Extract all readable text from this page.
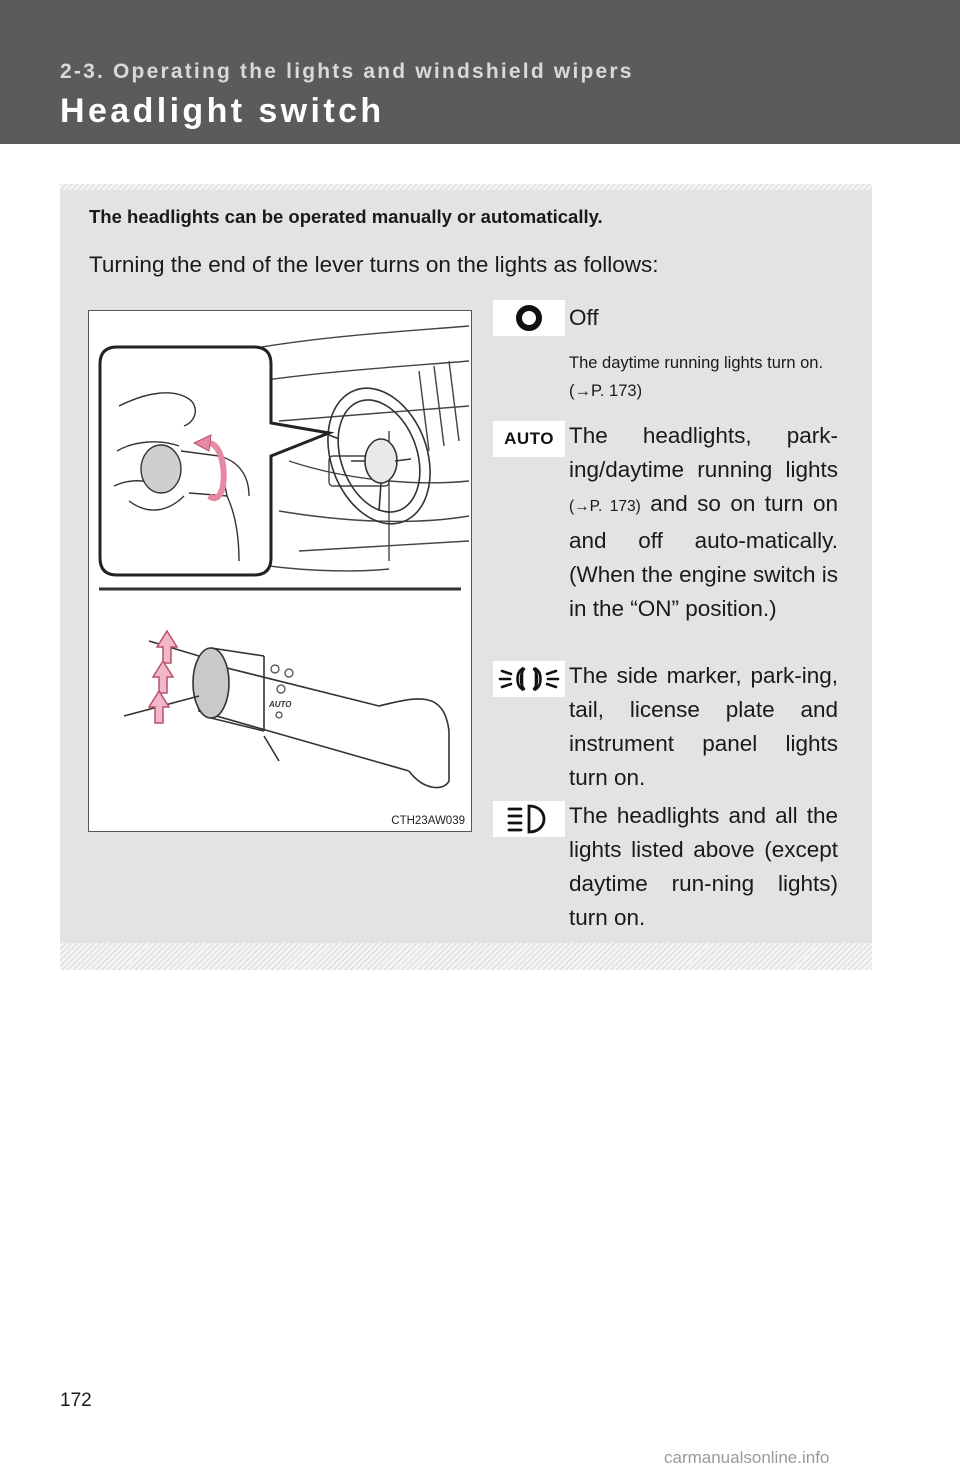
2-3. Operating the lights and windshield wipers
Headlight switch
The headlights can be operated manually or automatically.
Turning the end of the lever turns on the lights as follows:
AUTO
CTH23AW039
AUTO
Off
The daytime running lights turn on. (→P. 173)
The headlights, park-ing/daytime running lights (→P. 173) and so on turn on and off auto-matically. (When the engine switch is in the “ON” position.)
The side marker, park-ing, tail, license plate and instrument panel lights turn on.
The headlights and all the lights listed above (except daytime run-ning lights) turn on.
172
carmanualsonline.info
